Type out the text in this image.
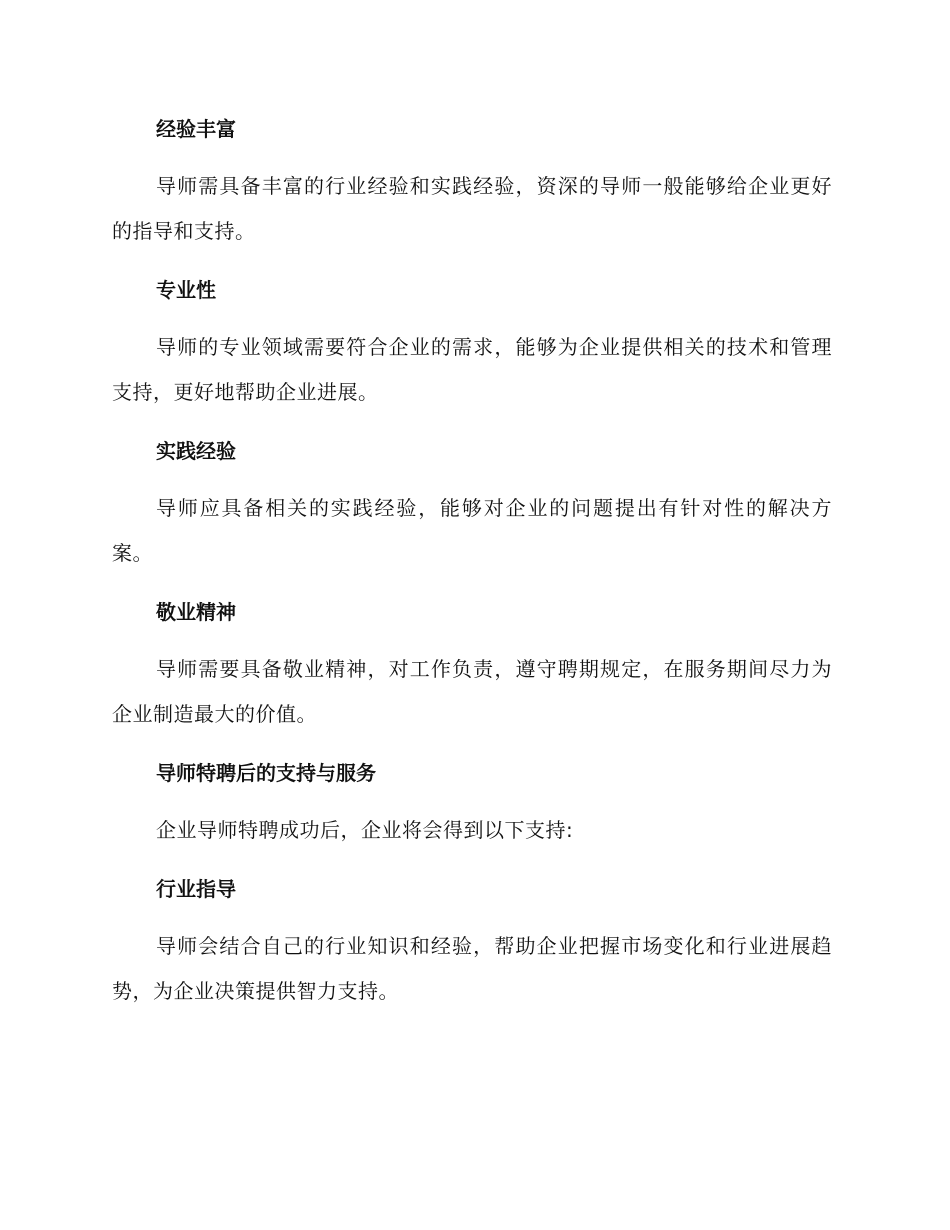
经验丰富
导师需具备丰富的行业经验和实践经验，资深的导师一般能够给企业更好的指导和支持。
专业性
导师的专业领域需要符合企业的需求，能够为企业提供相关的技术和管理支持，更好地帮助企业进展。
实践经验
导师应具备相关的实践经验，能够对企业的问题提出有针对性的解决方案。
敬业精神
导师需要具备敬业精神，对工作负责，遵守聘期规定，在服务期间尽力为企业制造最大的价值。
导师特聘后的支持与服务
企业导师特聘成功后，企业将会得到以下支持:
行业指导
导师会结合自己的行业知识和经验，帮助企业把握市场变化和行业进展趋势，为企业决策提供智力支持。
